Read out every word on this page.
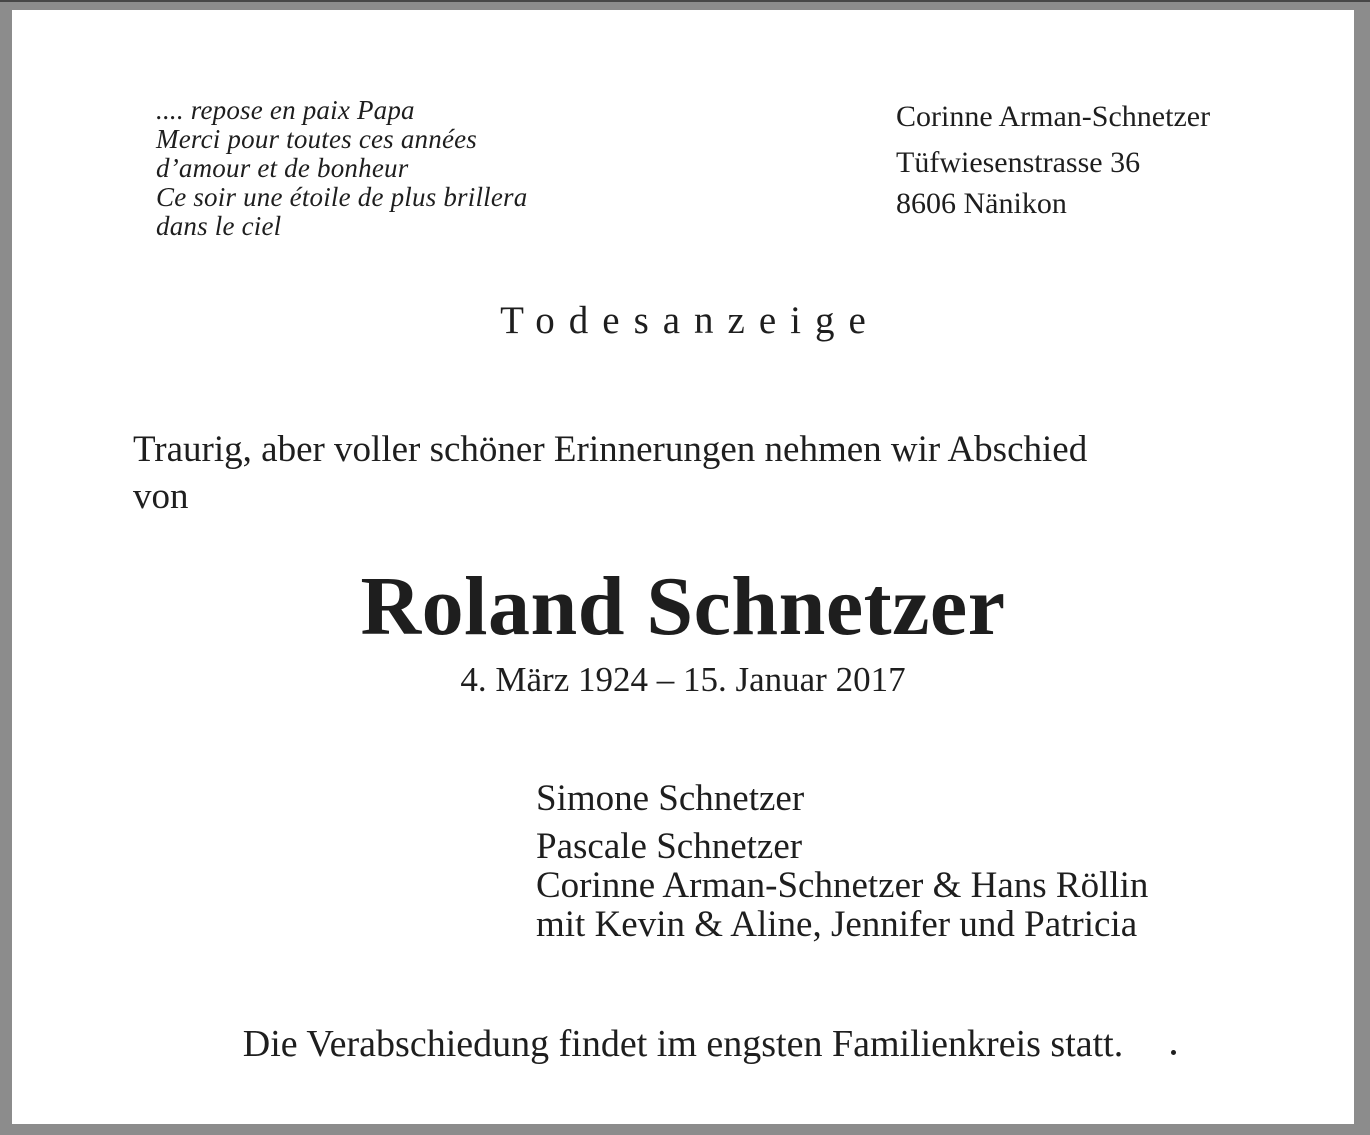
.... repose en paix Papa
Merci pour toutes ces années
d’amour et de bonheur
Ce soir une étoile de plus brillera
dans le ciel
Corinne Arman-Schnetzer
Tüfwiesenstrasse 36
8606 Nänikon
Todesanzeige
Traurig, aber voller schöner Erinnerungen nehmen wir Abschied
von
Roland Schnetzer
4. März 1924 – 15. Januar 2017
Simone Schnetzer
Pascale Schnetzer
Corinne Arman-Schnetzer & Hans Röllin
mit Kevin & Aline, Jennifer und Patricia
Die Verabschiedung findet im engsten Familienkreis statt.
